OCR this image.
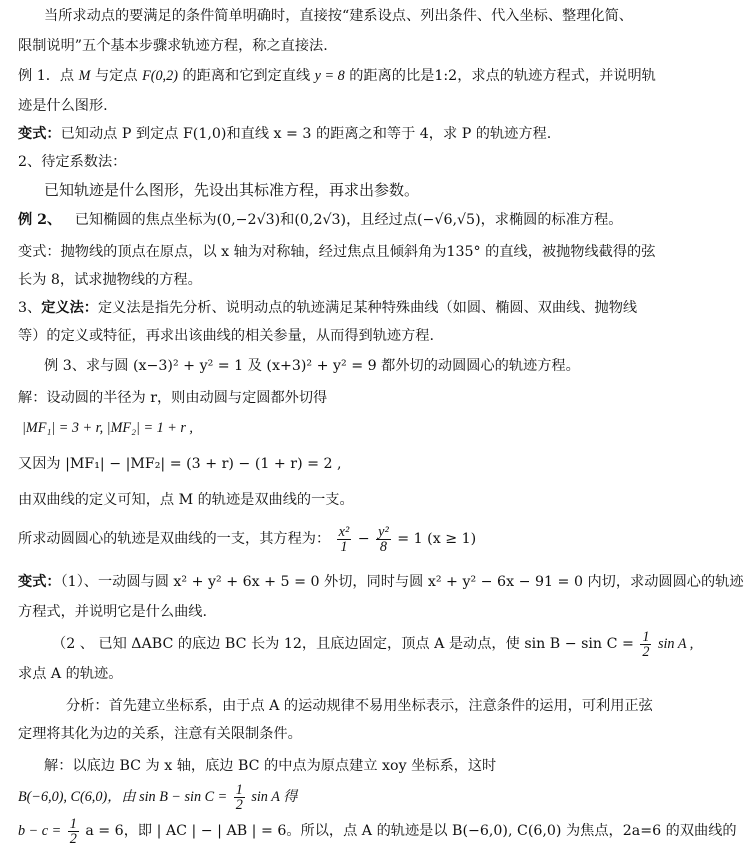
当所求动点的要满足的条件简单明确时，直接按“建系设点、列出条件、代入坐标、整理化简、
限制说明”五个基本步骤求轨迹方程，称之直接法.
例 1．点 M 与定点 F(0,2) 的距离和它到定直线 y = 8 的距离的比是1:2，求点的轨迹方程式，并说明轨
迹是什么图形.
变式：已知动点 P 到定点 F(1,0)和直线 x = 3 的距离之和等于 4，求 P 的轨迹方程.
2、待定系数法：
已知轨迹是什么图形，先设出其标准方程，再求出参数。
例 2、 已知椭圆的焦点坐标为(0,−2√3)和(0,2√3)，且经过点(−√6,√5)，求椭圆的标准方程。
变式：抛物线的顶点在原点，以 x 轴为对称轴，经过焦点且倾斜角为135° 的直线，被抛物线截得的弦
长为 8，试求抛物线的方程。
3、定义法：定义法是指先分析、说明动点的轨迹满足某种特殊曲线（如圆、椭圆、双曲线、抛物线
等）的定义或特征，再求出该曲线的相关参量，从而得到轨迹方程.
例 3、求与圆 (x−3)² + y² = 1 及 (x+3)² + y² = 9 都外切的动圆圆心的轨迹方程。
解：设动圆的半径为 r，则由动圆与定圆都外切得
|MF₁| = 3 + r, |MF₂| = 1 + r ,
又因为 |MF₁| − |MF₂| = (3 + r) − (1 + r) = 2 ,
由双曲线的定义可知，点 M 的轨迹是双曲线的一支。
所求动圆圆心的轨迹是双曲线的一支，其方程为： $\frac{\text{x²}}{1} - \frac{\text{y²}}{8} = 1$ (x ≥ 1)
变式：（1）、一动圆与圆 x² + y² + 6x + 5 = 0 外切，同时与圆 x² + y² − 6x − 91 = 0 内切，求动圆圆心的轨迹
方程式，并说明它是什么曲线.
（2 、 已知 ΔABC 的底边 BC 长为 12，且底边固定，顶点 A 是动点，使 $\sin B - \sin C = \frac{1}{2}$ sin A ,
求点 A 的轨迹。
分析：首先建立坐标系，由于点 A 的运动规律不易用坐标表示，注意条件的运用，可利用正弦
定理将其化为边的关系，注意有关限制条件。
解：以底边 BC 为 x 轴，底边 BC 的中点为原点建立 xoy 坐标系，这时
B(−6,0), C(6,0)，由 $\sin B - \sin C = \frac{1}{2}$ sin A 得
$b - c = \frac{1}{2}$ a = 6，即 | AC | − | AB | = 6。所以，点 A 的轨迹是以 B(−6,0), C(6,0) 为焦点，2a=6 的双曲线的
